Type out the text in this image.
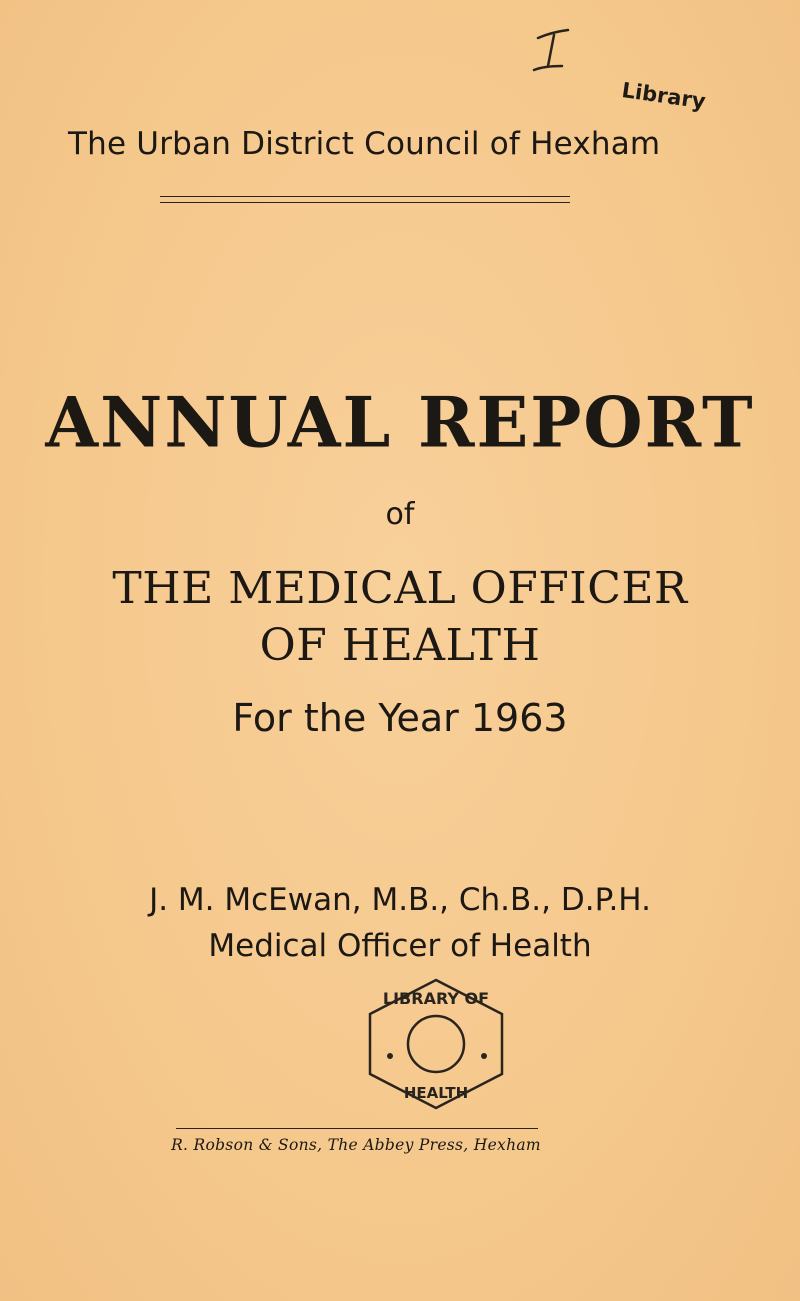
Library
The Urban District Council of Hexham
ANNUAL REPORT
of
THE MEDICAL OFFICER
OF HEALTH
For the Year 1963
J. M. McEwan, M.B., Ch.B., D.P.H.
Medical Officer of Health
LIBRARY OF
HEALTH
R. Robson & Sons, The Abbey Press, Hexham
